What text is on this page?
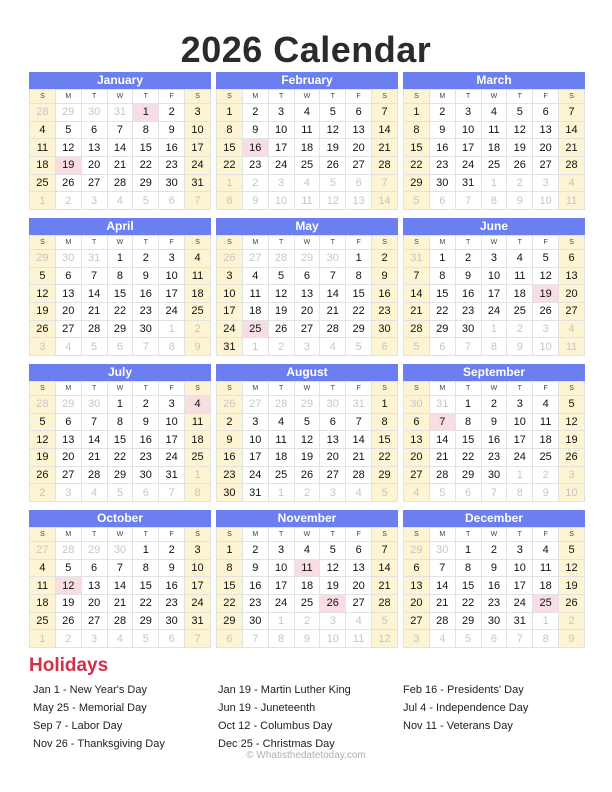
2026 Calendar
January
S	M	T	W	T	F	S
28	29	30	31	1	2	3
4	5	6	7	8	9	10
11	12	13	14	15	16	17
18	19	20	21	22	23	24
25	26	27	28	29	30	31
1	2	3	4	5	6	7
February
S	M	T	W	T	F	S
1	2	3	4	5	6	7
8	9	10	11	12	13	14
15	16	17	18	19	20	21
22	23	24	25	26	27	28
1	2	3	4	5	6	7
8	9	10	11	12	13	14
March
S	M	T	W	T	F	S
1	2	3	4	5	6	7
8	9	10	11	12	13	14
15	16	17	18	19	20	21
22	23	24	25	26	27	28
29	30	31	1	2	3	4
5	6	7	8	9	10	11
April
S	M	T	W	T	F	S
29	30	31	1	2	3	4
5	6	7	8	9	10	11
12	13	14	15	16	17	18
19	20	21	22	23	24	25
26	27	28	29	30	1	2
3	4	5	6	7	8	9
May
S	M	T	W	T	F	S
26	27	28	29	30	1	2
3	4	5	6	7	8	9
10	11	12	13	14	15	16
17	18	19	20	21	22	23
24	25	26	27	28	29	30
31	1	2	3	4	5	6
June
S	M	T	W	T	F	S
31	1	2	3	4	5	6
7	8	9	10	11	12	13
14	15	16	17	18	19	20
21	22	23	24	25	26	27
28	29	30	1	2	3	4
5	6	7	8	9	10	11
July
S	M	T	W	T	F	S
28	29	30	1	2	3	4
5	6	7	8	9	10	11
12	13	14	15	16	17	18
19	20	21	22	23	24	25
26	27	28	29	30	31	1
2	3	4	5	6	7	8
August
S	M	T	W	T	F	S
26	27	28	29	30	31	1
2	3	4	5	6	7	8
9	10	11	12	13	14	15
16	17	18	19	20	21	22
23	24	25	26	27	28	29
30	31	1	2	3	4	5
September
S	M	T	W	T	F	S
30	31	1	2	3	4	5
6	7	8	9	10	11	12
13	14	15	16	17	18	19
20	21	22	23	24	25	26
27	28	29	30	1	2	3
4	5	6	7	8	9	10
October
S	M	T	W	T	F	S
27	28	29	30	1	2	3
4	5	6	7	8	9	10
11	12	13	14	15	16	17
18	19	20	21	22	23	24
25	26	27	28	29	30	31
1	2	3	4	5	6	7
November
S	M	T	W	T	F	S
1	2	3	4	5	6	7
8	9	10	11	12	13	14
15	16	17	18	19	20	21
22	23	24	25	26	27	28
29	30	1	2	3	4	5
6	7	8	9	10	11	12
December
S	M	T	W	T	F	S
29	30	1	2	3	4	5
6	7	8	9	10	11	12
13	14	15	16	17	18	19
20	21	22	23	24	25	26
27	28	29	30	31	1	2
3	4	5	6	7	8	9
Holidays
Jan 1 - New Year's Day
May 25 - Memorial Day
Sep 7 - Labor Day
Nov 26 - Thanksgiving Day
Jan 19 - Martin Luther King
Jun 19 - Juneteenth
Oct 12 - Columbus Day
Dec 25 - Christmas Day
Feb 16 - Presidents' Day
Jul 4 - Independence Day
Nov 11 - Veterans Day
© Whatisthedatetoday.com
